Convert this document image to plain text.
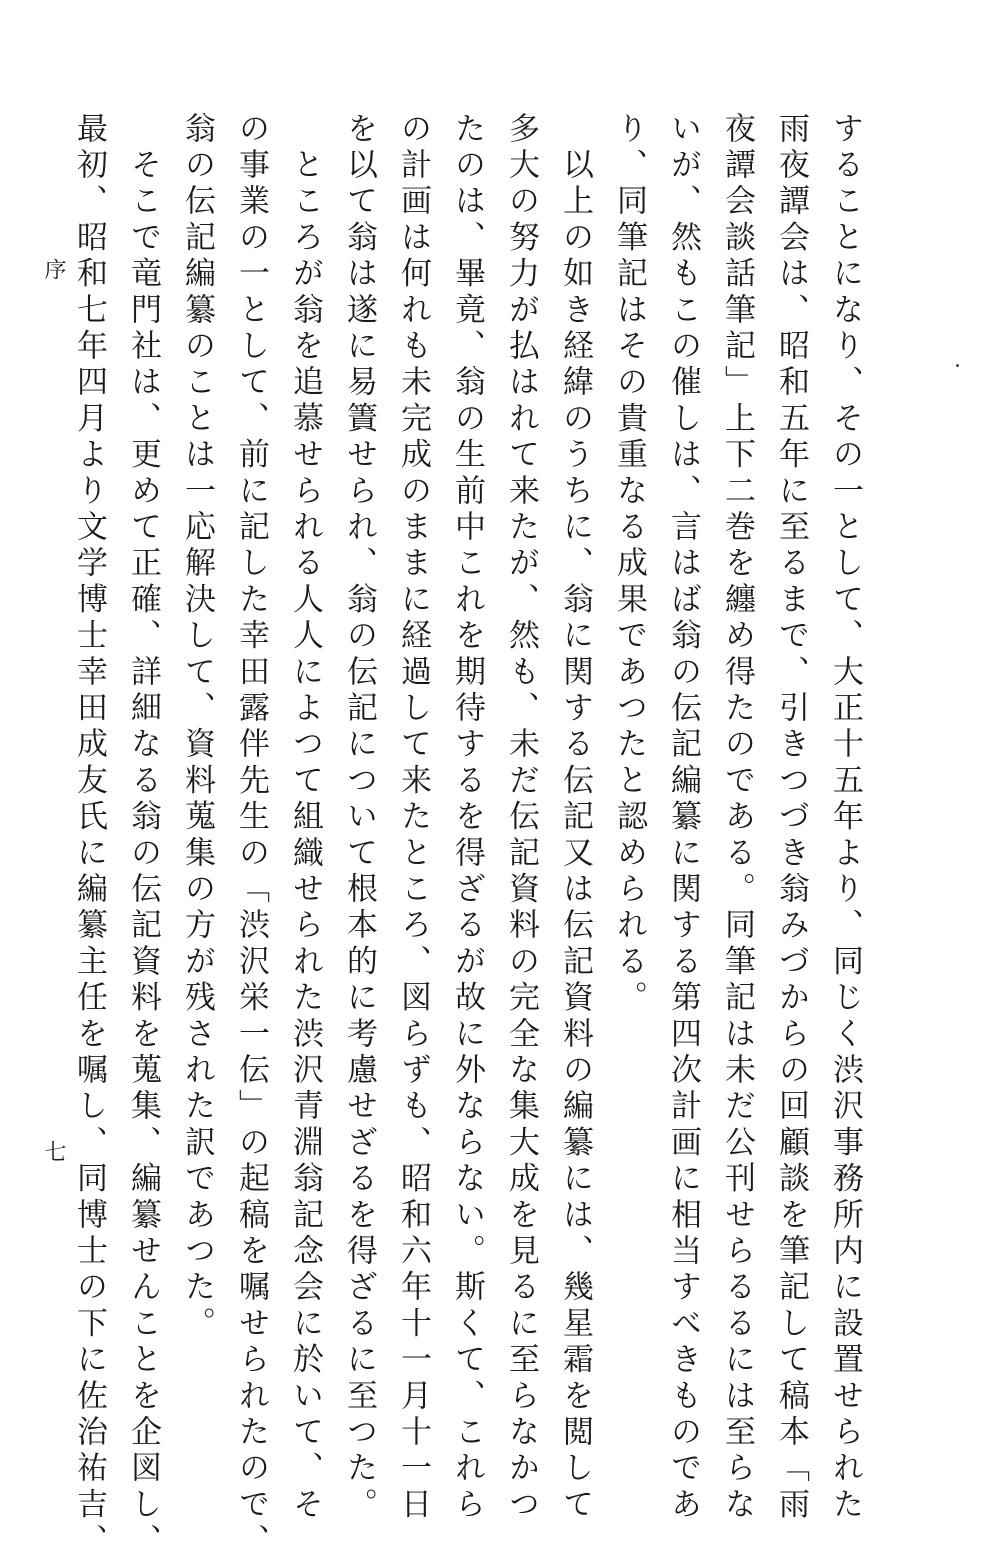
序	することになり、その一として、大正十五年より、同じく渋沢事務所内に設置せられた
雨夜譚会は、昭和五年に至るまで、引きつづき翁みづからの回顧談を筆記して稿本「雨
夜譚会談話筆記」上下二巻を纏め得たのである。同筆記は未だ公刊せらるるには至らな
いが、然もこの催しは、言はば翁の伝記編纂に関する第四次計画に相当すべきものであ
り、同筆記はその貴重なる成果であつたと認められる。
　以上の如き経緯のうちに、翁に関する伝記又は伝記資料の編纂には、幾星霜を閲して
多大の努力が払はれて来たが、然も、未だ伝記資料の完全な集大成を見るに至らなかつ
たのは、畢竟、翁の生前中これを期待するを得ざるが故に外ならない。斯くて、これら
の計画は何れも未完成のままに経過して来たところ、図らずも、昭和六年十一月十一日
を以て翁は遂に易簀せられ、翁の伝記について根本的に考慮せざるを得ざるに至つた。
　ところが翁を追慕せられる人人によつて組織せられた渋沢青淵翁記念会に於いて、そ
の事業の一として、前に記した幸田露伴先生の「渋沢栄一伝」の起稿を嘱せられたので、
翁の伝記編纂のことは一応解決して、資料蒐集の方が残された訳であつた。
　そこで竜門社は、更めて正確、詳細なる翁の伝記資料を蒐集、編纂せんことを企図し、
最初、昭和七年四月より文学博士幸田成友氏に編纂主任を嘱し、同博士の下に佐治祐吉、
七
